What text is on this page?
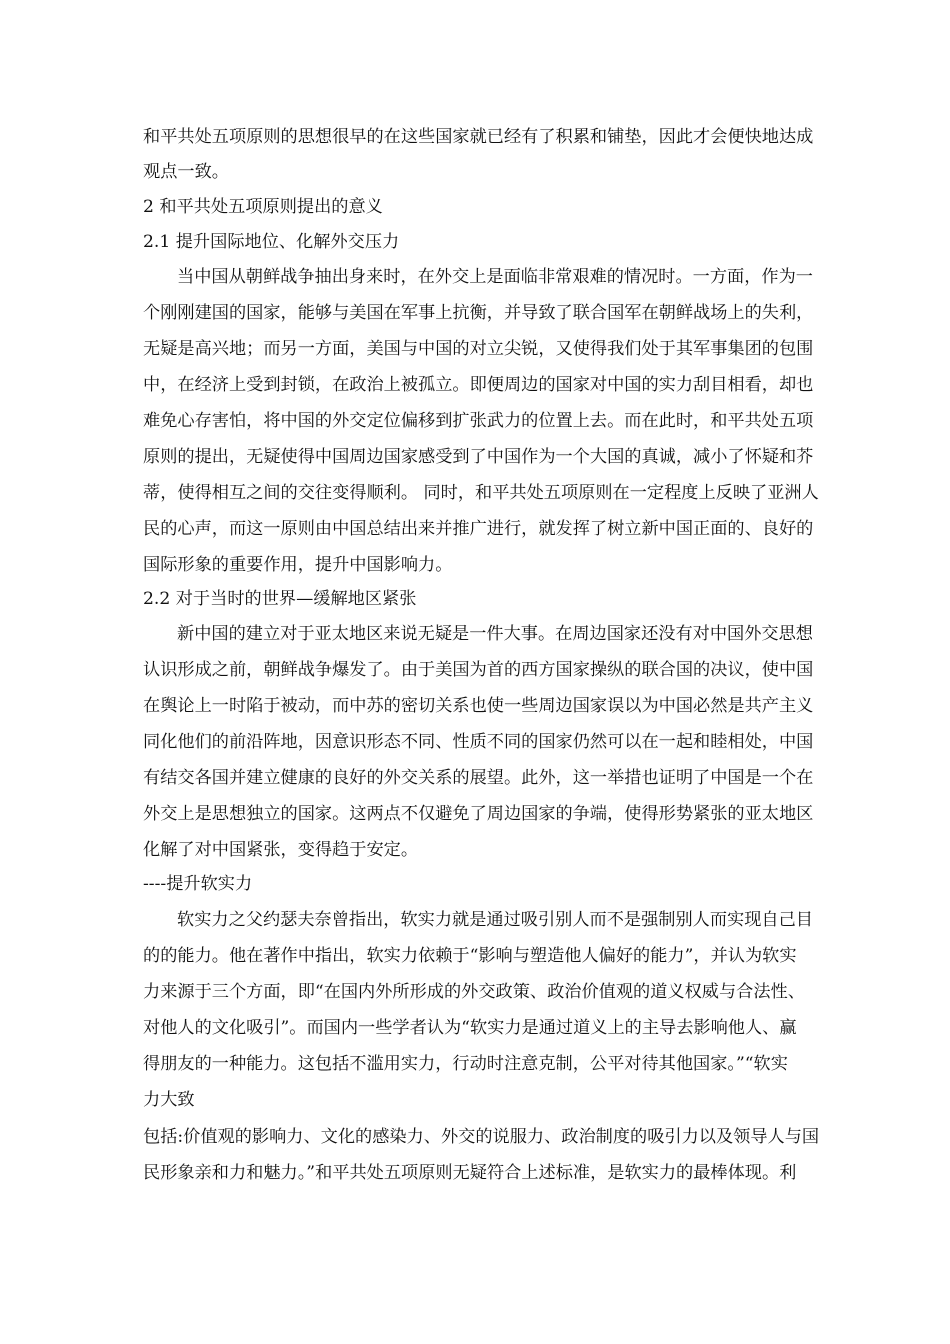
和平共处五项原则的思想很早的在这些国家就已经有了积累和铺垫，因此才会便快地达成
观点一致。
2 和平共处五项原则提出的意义
2.1 提升国际地位、化解外交压力
当中国从朝鲜战争抽出身来时，在外交上是面临非常艰难的情况时。一方面，作为一
个刚刚建国的国家，能够与美国在军事上抗衡，并导致了联合国军在朝鲜战场上的失利，
无疑是高兴地；而另一方面，美国与中国的对立尖锐，又使得我们处于其军事集团的包围
中，在经济上受到封锁，在政治上被孤立。即便周边的国家对中国的实力刮目相看，却也
难免心存害怕，将中国的外交定位偏移到扩张武力的位置上去。而在此时，和平共处五项
原则的提出，无疑使得中国周边国家感受到了中国作为一个大国的真诚，减小了怀疑和芥
蒂，使得相互之间的交往变得顺利。 同时，和平共处五项原则在一定程度上反映了亚洲人
民的心声，而这一原则由中国总结出来并推广进行，就发挥了树立新中国正面的、良好的
国际形象的重要作用，提升中国影响力。
2.2 对于当时的世界—缓解地区紧张
新中国的建立对于亚太地区来说无疑是一件大事。在周边国家还没有对中国外交思想
认识形成之前，朝鲜战争爆发了。由于美国为首的西方国家操纵的联合国的决议，使中国
在舆论上一时陷于被动，而中苏的密切关系也使一些周边国家误以为中国必然是共产主义
同化他们的前沿阵地，因意识形态不同、性质不同的国家仍然可以在一起和睦相处，中国
有结交各国并建立健康的良好的外交关系的展望。此外，这一举措也证明了中国是一个在
外交上是思想独立的国家。这两点不仅避免了周边国家的争端，使得形势紧张的亚太地区
化解了对中国紧张，变得趋于安定。
----提升软实力
软实力之父约瑟夫奈曾指出，软实力就是通过吸引别人而不是强制别人而实现自己目
的的能力。他在著作中指出，软实力依赖于“影响与塑造他人偏好的能力”，并认为软实
力来源于三个方面，即“在国内外所形成的外交政策、政治价值观的道义权威与合法性、
对他人的文化吸引”。而国内一些学者认为“软实力是通过道义上的主导去影响他人、赢
得朋友的一种能力。这包括不滥用实力，行动时注意克制，公平对待其他国家。”“软实
力大致
包括:价值观的影响力、文化的感染力、外交的说服力、政治制度的吸引力以及领导人与国
民形象亲和力和魅力。”和平共处五项原则无疑符合上述标准，是软实力的最棒体现。利
